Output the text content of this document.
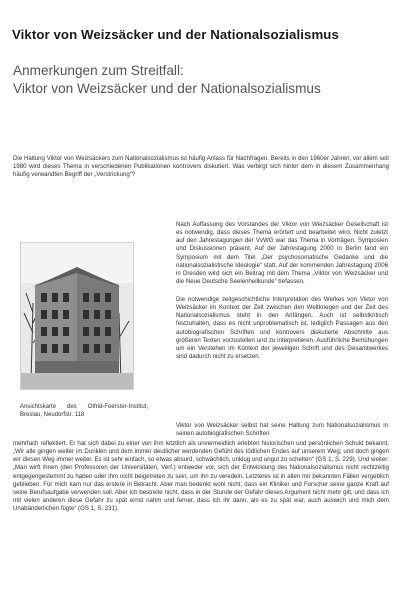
Viktor von Weizsäcker und der Nationalsozialismus
Anmerkungen zum Streitfall:
Viktor von Weizsäcker und der Nationalsozialismus
Die Haltung Viktor von Weizsäckers zum Nationalsozialismus ist häufig Anlass für Nachfragen. Bereits in den 1960er Jahren, vor allem seit 1980 wird dieses Thema in verschiedenen Publikationen kontrovers diskutiert. Was verbirgt sich hinter dem in diesem Zusammenhang häufig verwandten Begriff der „Verstrickung“?
Ansichtskarte des Otfrid-Foerster-Institut, Breslau, Neudorfstr. 118
Nach Auffassung des Vorstandes der Viktor von Weizsäcker Gesellschaft ist es notwendig, dass dieses Thema erörtert und bearbeitet wird. Nicht zuletzt auf den Jahrestagungen der VvWG war das Thema in Vorträgen, Symposien und Diskussionen präsent. Auf der Jahrestagung 2000 in Berlin fand ein Symposium mit dem Titel „Der psychosomatische Gedanke und die nationalsozialistische Ideologie“ statt. Auf der kommenden Jahrestagung 2006 in Dresden wird sich ein Beitrag mit dem Thema „Viktor von Weizsäcker und die Neue Deutsche Seelenheilkunde“ befassen.
Die notwendige zeitgeschichtliche Interpretation des Werkes von Viktor von Weizsäcker im Kontext der Zeit zwischen den Weltkriegen und der Zeit des Nationalsozialismus steht in den Anfängen. Auch ist selbstkritisch festzuhalten, dass es nicht unproblematisch ist, lediglich Passagen aus den autobiografischen Schriften und kontrovers diskutierte Abschnitte aus größeren Texten vorzustellen und zu interpretieren. Ausführliche Bemühungen um ein Verstehen im Kontext der jeweiligen Schrift und des Gesamtwerkes sind dadurch nicht zu ersetzen.
Viktor von Weizsäcker selbst hat seine Haltung zum Nationalsozialismus in seinen autobiografischen Schriften
mehrfach reflektiert. Er hat sich dabei zu einer von ihm letztlich als unvermeidlich erlebten historischen und persönlichen Schuld bekannt. „Wir alle gingen weiter im Dunklen und dem immer deutlicher werdenden Gefühl des tödlichen Endes auf unserem Weg; und doch gingen wir diesen Weg immer weiter. Es ist sehr einfach, so etwas absurd, schwächlich, unklug und ungut zu schelten“ (GS 1, S. 229). Und weiter: „Man wirft ihnen (den Professoren der Universitäten, Verf.) entweder vor, sich der Entwicklung des Nationalsozialismus nicht rechtzeitig entgegengestemmt zu haben oder ihm nicht beigetreten zu sein, um ihn zu veredeln. Letzteres ist in allen mir bekannten Fällen vergeblich geblieben. Für mich kam nur das erstere in Betracht. Aber man bedenkt wohl nicht, dass ein Kliniker und Forscher seine ganze Kraft auf seine Berufsaufgabe verwenden soll. Aber ich bestreite nicht, dass in der Stunde der Gefahr dieses Argument nicht mehr gilt, und dass ich mit vielen anderen diese Gefahr zu spät ernst nahm und ferner, dass ich ihr dann, als es zu spät war, auch auswich und mich dem Unabänderlichen fügte“ (GS 1, S. 231).
